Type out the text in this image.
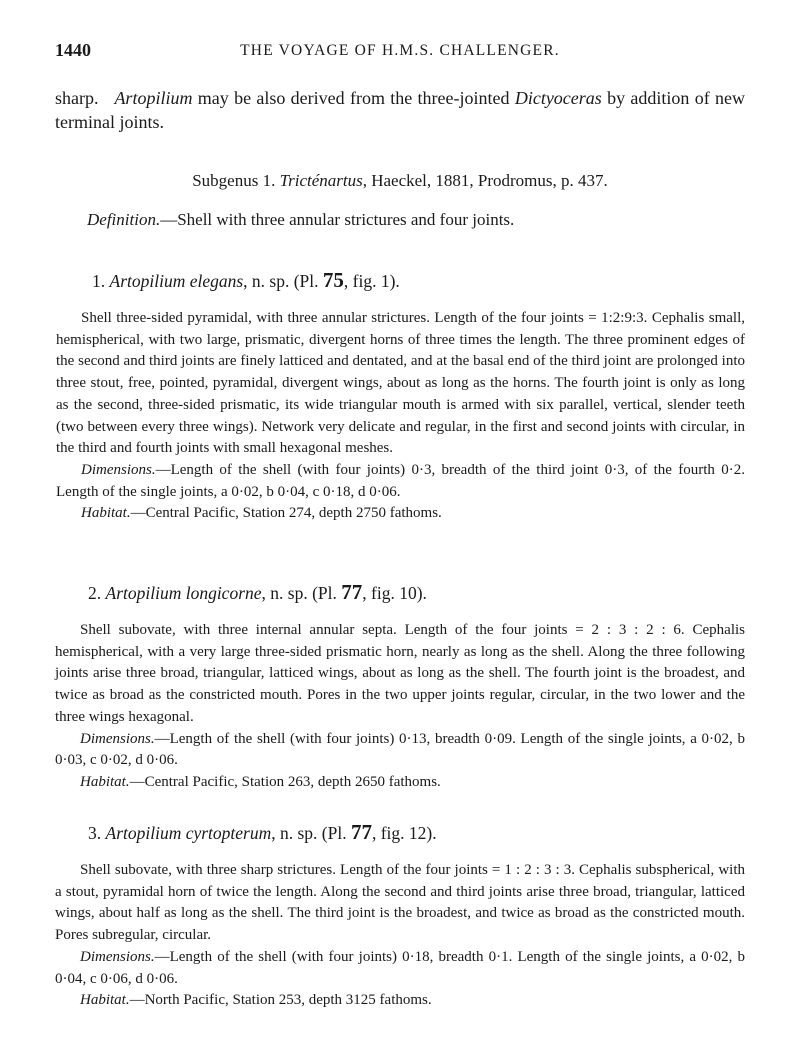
1440	THE VOYAGE OF H.M.S. CHALLENGER.

sharp. Artopilium may be also derived from the three-jointed Dictyoceras by addition of new terminal joints.

Subgenus 1. Tricténartus, Haeckel, 1881, Prodromus, p. 437.
Definition.—Shell with three annular strictures and four joints.
1. Artopilium elegans, n. sp. (Pl. 75, fig. 1).

Shell three-sided pyramidal, with three annular strictures. Length of the four joints = 1:2:9:3. Cephalis small, hemispherical, with two large, prismatic, divergent horns of three times the length. The three prominent edges of the second and third joints are finely latticed and dentated, and at the basal end of the third joint are prolonged into three stout, free, pointed, pyramidal, divergent wings, about as long as the horns. The fourth joint is only as long as the second, three-sided prismatic, its wide triangular mouth is armed with six parallel, vertical, slender teeth (two between every three wings). Network very delicate and regular, in the first and second joints with circular, in the third and fourth joints with small hexagonal meshes.

Dimensions.—Length of the shell (with four joints) 0·3, breadth of the third joint 0·3, of the fourth 0·2. Length of the single joints, a 0·02, b 0·04, c 0·18, d 0·06.

Habitat.—Central Pacific, Station 274, depth 2750 fathoms.

2. Artopilium longicorne, n. sp. (Pl. 77, fig. 10).

Shell subovate, with three internal annular septa. Length of the four joints = 2 : 3 : 2 : 6. Cephalis hemispherical, with a very large three-sided prismatic horn, nearly as long as the shell. Along the three following joints arise three broad, triangular, latticed wings, about as long as the shell. The fourth joint is the broadest, and twice as broad as the constricted mouth. Pores in the two upper joints regular, circular, in the two lower and the three wings hexagonal.

Dimensions.—Length of the shell (with four joints) 0·13, breadth 0·09. Length of the single joints, a 0·02, b 0·03, c 0·02, d 0·06.

Habitat.—Central Pacific, Station 263, depth 2650 fathoms.

3. Artopilium cyrtopterum, n. sp. (Pl. 77, fig. 12).

Shell subovate, with three sharp strictures. Length of the four joints = 1 : 2 : 3 : 3. Cephalis subspherical, with a stout, pyramidal horn of twice the length. Along the second and third joints arise three broad, triangular, latticed wings, about half as long as the shell. The third joint is the broadest, and twice as broad as the constricted mouth. Pores subregular, circular.

Dimensions.—Length of the shell (with four joints) 0·18, breadth 0·1. Length of the single joints, a 0·02, b 0·04, c 0·06, d 0·06.

Habitat.—North Pacific, Station 253, depth 3125 fathoms.
